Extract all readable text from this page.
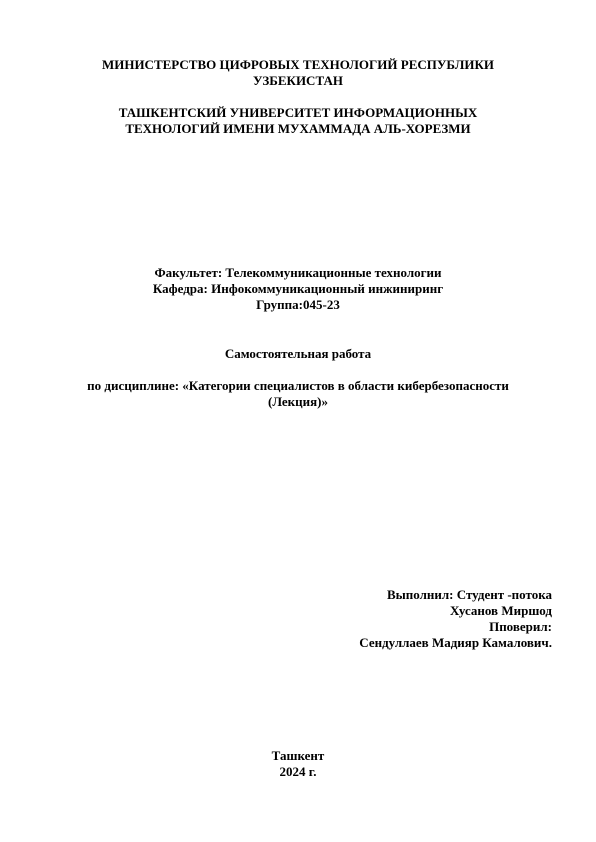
МИНИСТЕРСТВО ЦИФРОВЫХ ТЕХНОЛОГИЙ РЕСПУБЛИКИ
УЗБЕКИСТАН
ТАШКЕНТСКИЙ УНИВЕРСИТЕТ ИНФОРМАЦИОННЫХ
ТЕХНОЛОГИЙ ИМЕНИ МУХАММАДА АЛЬ-ХОРЕЗМИ
Факультет: Телекоммуникационные технологии
Кафедра: Инфокоммуникационный инжиниринг
Группа:045-23
Самостоятельная работа
по дисциплине: «Категории специалистов в области кибербезопасности
(Лекция)»
Выполнил: Студент -потока
Хусанов Миршод
Пповерил:
Сендуллаев Мадияр Камалович.
Ташкент
2024 г.
